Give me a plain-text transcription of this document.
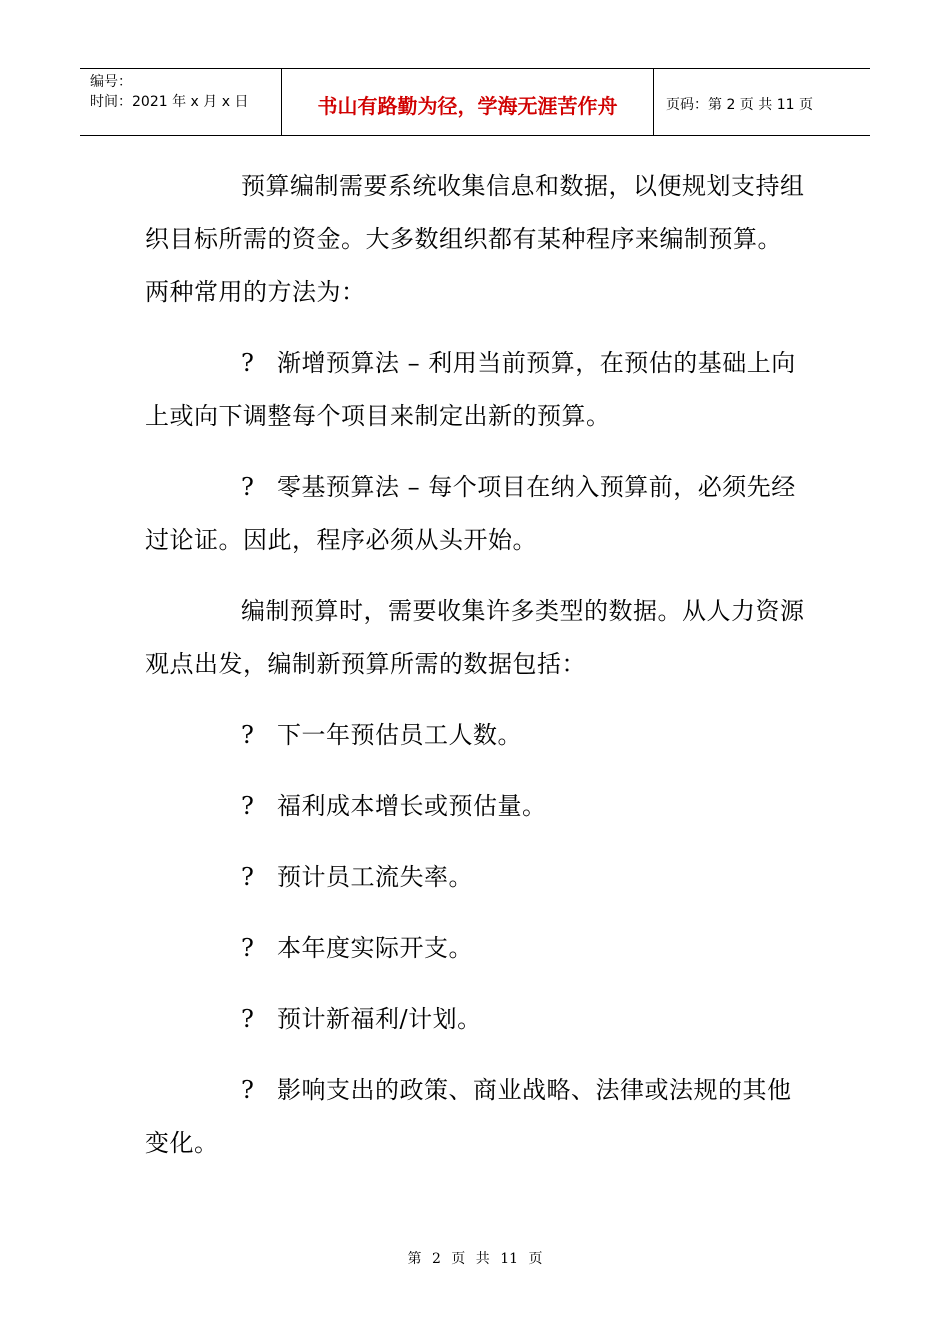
编号：
时间：2021 年 x 月 x 日	书山有路勤为径，学海无涯苦作舟	页码：第 2 页 共 11 页

预算编制需要系统收集信息和数据，以便规划支持组织目标所需的资金。大多数组织都有某种程序来编制预算。两种常用的方法为：

? 渐增预算法 – 利用当前预算，在预估的基础上向上或向下调整每个项目来制定出新的预算。

? 零基预算法 – 每个项目在纳入预算前，必须先经过论证。因此，程序必须从头开始。

编制预算时，需要收集许多类型的数据。从人力资源观点出发，编制新预算所需的数据包括：

? 下一年预估员工人数。

? 福利成本增长或预估量。

? 预计员工流失率。

? 本年度实际开支。

? 预计新福利/计划。

? 影响支出的政策、商业战略、法律或法规的其他变化。

第 2 页 共 11 页
